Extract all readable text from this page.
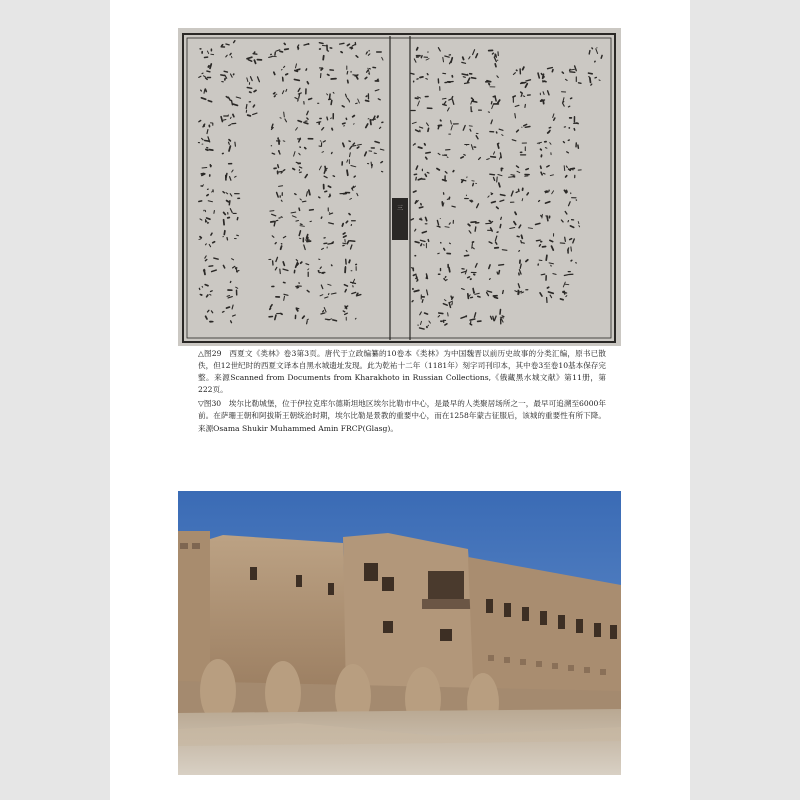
三

△图29　西夏文《类林》卷3第3页。唐代于立政编纂的10卷本《类林》为中国魏晋以前历史故事的分类汇编，原书已散佚，但12世纪时的西夏文译本自黑水城遗址发现。此为乾祐十二年（1181年）刻字司刊印本，其中卷3至卷10基本保存完整。来源Scanned from Documents from Kharakhoto in Russian Collections,《俄藏黑水城文献》第11册，第222页。

▽图30　埃尔比勒城堡，位于伊拉克库尔德斯坦地区埃尔比勒市中心，是最早的人类聚居场所之一，最早可追溯至6000年前。在萨珊王朝和阿拔斯王朝统治时期，埃尔比勒是景教的重要中心，而在1258年蒙古征服后，该城的重要性有所下降。来源Osama Shukir Muhammed Amin FRCP(Glasg)。
